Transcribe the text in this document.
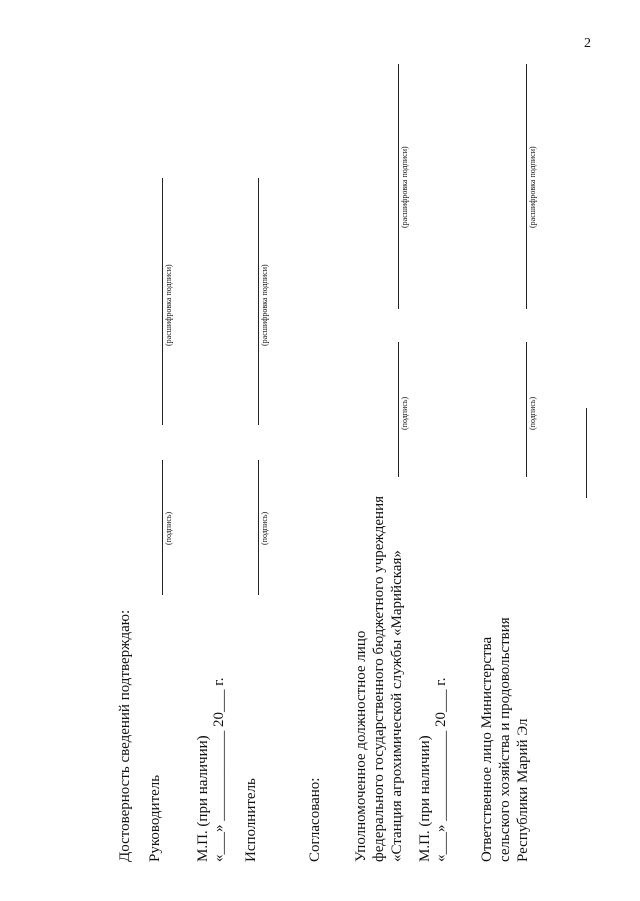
2
Достоверность сведений подтверждаю: Руководитель
(подпись)
(расшифровка подписи)
М.П. (при наличии) «___» ____________ 20___ г. Исполнитель
(подпись)
(расшифровка подписи)
Согласовано: Уполномоченное должностное лицо федерального государственного бюджетного учреждения «Станция агрохимической службы «Марийская»
(подпись)
(расшифровка подписи)
М.П. (при наличии) «___» ____________ 20___ г. Ответственное лицо Министерства сельского хозяйства и продовольствия Республики Марий Эл
(подпись)
(расшифровка подписи)
